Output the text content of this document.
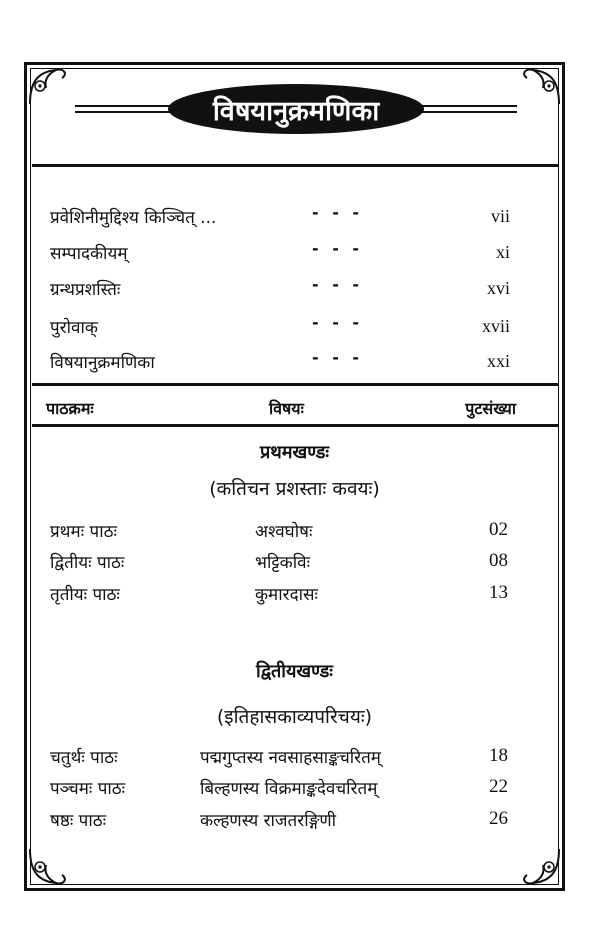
विषयानुक्रमणिका
प्रवेशिनीमुद्दिश्य किञ्चित् ...	- - -	vii
सम्पादकीयम्	- - -	xi
ग्रन्थप्रशस्तिः	- - -	xvi
पुरोवाक्	- - -	xvii
विषयानुक्रमणिका	- - -	xxi
पाठक्रमः	विषयः	पुटसंख्या
प्रथमखण्डः
(कतिचन प्रशस्ताः कवयः)
प्रथमः पाठः	अश्वघोषः	02
द्वितीयः पाठः	भट्टिकविः	08
तृतीयः पाठः	कुमारदासः	13
द्वितीयखण्डः
(इतिहासकाव्यपरिचयः)
चतुर्थः पाठः	पद्मगुप्तस्य नवसाहसाङ्कचरितम्	18
पञ्चमः पाठः	बिल्हणस्य विक्रमाङ्कदेवचरितम्	22
षष्ठः पाठः	कल्हणस्य राजतरङ्गिणी	26
